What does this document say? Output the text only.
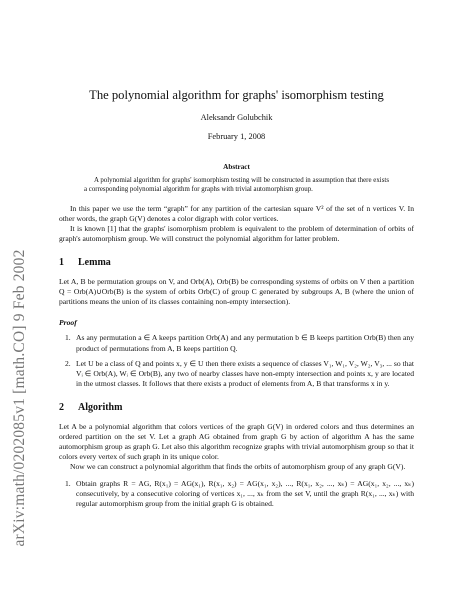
arXiv:math/0202085v1 [math.CO] 9 Feb 2002
The polynomial algorithm for graphs' isomorphism testing
Aleksandr Golubchik
February 1, 2008
Abstract
A polynomial algorithm for graphs' isomorphism testing will be constructed in assumption that there exists a corresponding polynomial algorithm for graphs with trivial automorphism group.

In this paper we use the term “graph” for any partition of the cartesian square V² of the set of n vertices V. In other words, the graph G(V) denotes a color digraph with color vertices.

It is known [1] that the graphs' isomorphism problem is equivalent to the problem of determination of orbits of graph's automorphism group. We will construct the polynomial algorithm for latter problem.

1 Lemma

Let A, B be permutation groups on V, and Orb(A), Orb(B) be corresponding systems of orbits on V then a partition Q = Orb(A)∪Orb(B) is the system of orbits Orb(C) of group C generated by subgroups A, B (where the union of partitions means the union of its classes containing non-empty intersection).

Proof
1. As any permutation a ∈ A keeps partition Orb(A) and any permutation b ∈ B keeps partition Orb(B) then any product of permutations from A, B keeps partition Q.
2. Let U be a class of Q and points x, y ∈ U then there exists a sequence of classes V₁, W₁, V₂, W₂, V₃, ... so that Vᵢ ∈ Orb(A), Wᵢ ∈ Orb(B), any two of nearby classes have non-empty intersection and points x, y are located in the utmost classes. It follows that there exists a product of elements from A, B that transforms x in y.
2 Algorithm

Let A be a polynomial algorithm that colors vertices of the graph G(V) in ordered colors and thus determines an ordered partition on the set V. Let a graph AG obtained from graph G by action of algorithm A has the same automorphism group as graph G. Let also this algorithm recognize graphs with trivial automorphism group so that it colors every vertex of such graph in its unique color.

Now we can construct a polynomial algorithm that finds the orbits of automorphism group of any graph G(V).

1. Obtain graphs R = AG, R(x₁) = AG(x₁), R(x₁, x₂) = AG(x₁, x₂), ..., R(x₁, x₂, ..., xₖ) = AG(x₁, x₂, ..., xₖ) consecutively, by a consecutive coloring of vertices x₁, ..., xₖ from the set V, until the graph R(x₁, ..., xₖ) with regular automorphism group from the initial graph G is obtained.
